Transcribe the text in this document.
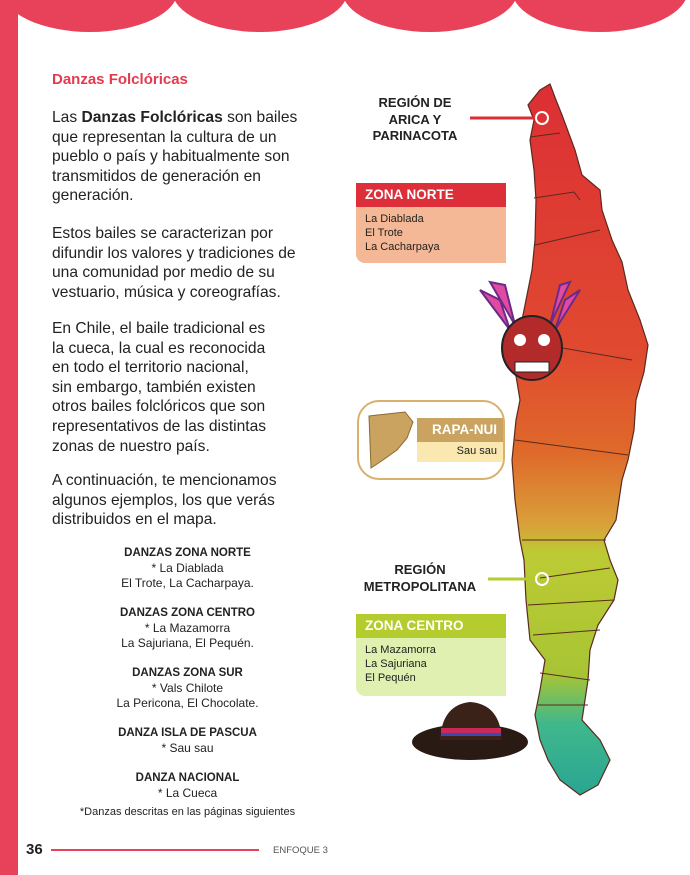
Danzas Folclóricas
Las Danzas Folclóricas son bailes
que representan la cultura de un
pueblo o país y habitualmente son
transmitidos de generación en
generación.
Estos bailes se caracterizan por
difundir los valores y tradiciones de
una comunidad por medio de su
vestuario, música y coreografías.
En Chile, el baile tradicional es
la cueca, la cual es reconocida
en todo el territorio nacional,
sin embargo, también existen
otros bailes folclóricos que son
representativos de las distintas
zonas de nuestro país.
A continuación, te mencionamos
algunos ejemplos, los que verás
distribuidos en el mapa.
DANZAS ZONA NORTE
* La Diablada
El Trote, La Cacharpaya.
DANZAS ZONA CENTRO
* La Mazamorra
La Sajuriana, El Pequén.
DANZAS ZONA SUR
* Vals Chilote
La Pericona, El Chocolate.
DANZA ISLA DE PASCUA
* Sau sau
DANZA NACIONAL
* La Cueca
*Danzas descritas en las páginas siguientes
36	ENFOQUE 3
REGIÓN DE
ARICA Y
PARINACOTA
REGIÓN
METROPOLITANA
ZONA NORTE
La Diablada
El Trote
La Cacharpaya
RAPA-NUI
Sau sau
ZONA CENTRO
La Mazamorra
La Sajuriana
El Pequén
